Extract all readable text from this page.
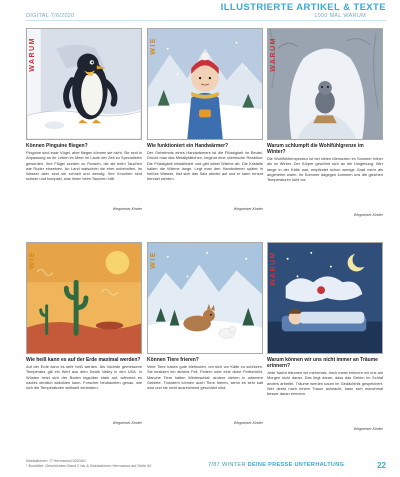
ILLUSTRIERTE ARTIKEL & TEXTE
DIGITAL 7/6/2020	1000 MAL WARUM
WARUM
Können Pinguine fliegen?
Pinguine sind zwar Vögel, aber fliegen können sie nicht. Sie sind in Anpassung an ihr Leben im Meer im Laufe der Zeit zu Spezialisten geworden. Ihre Flügel wurden zu Flossen, die sie beim Tauchen wie Ruder einsetzen. An Land watscheln sie eher unbeholfen, im Wasser aber sind sie schnell und wendig. Ihre Knochen sind schwer und kompakt, was ihnen beim Tauchen hilft.
Wegweiser-Kinder
WIE
Wie funktioniert ein Handwärmer?
Der Geheimnis eines Handwärmers ist die Flüssigkeit im Beutel. Drückt man das Metallplättchen, beginnt eine chemische Reaktion: Die Flüssigkeit kristallisiert und gibt dabei Wärme ab. Die Kristalle halten die Wärme lange. Legt man den Handwärmer später in heißes Wasser, löst sich das Salz wieder auf und er kann erneut benutzt werden.
Wegweiser-Kinder
WARUM
Warum schlumpft die Wohlfühlgrenze im Winter?
Die Wohlfühltemperatur ist bei vielen Menschen im Sommer höher als im Winter. Der Körper gewöhnt sich an die Umgebung. Wer lange in der Kälte war, empfindet schon wenige Grad mehr als angenehm warm. Im Sommer dagegen kommen uns die gleichen Temperaturen kühl vor.
Wegweiser-Kinder
WIE
Wie heiß kann es auf der Erde maximal werden?
Auf der Erde kann es sehr heiß werden. Als höchste gemessene Temperatur gilt ein Wert aus dem Death Valley in den USA. In Wüsten heizt sich der Boden tagsüber stark auf, während es nachts deutlich abkühlen kann. Forscher beobachten genau, wie sich die Temperaturen weltweit verändern.
Wegweiser-Kinder
WIE
Können Tiere frieren?
Viele Tiere haben gute Methoden, um sich vor Kälte zu schützen. Sie besitzen ein dichtes Fell, Federn oder eine dicke Fettschicht. Manche Tiere halten Winterschlaf, andere ziehen in wärmere Gebiete. Trotzdem können auch Tiere frieren, wenn es sehr kalt wird und sie nicht ausreichend geschützt sind.
Wegweiser-Kinder
WARUM
Warum können wir uns nicht immer an Träume erinnern?
Jede Nacht träumen wir mehrmals, doch meist erinnern wir uns am Morgen nicht daran. Das liegt daran, dass das Gehirn im Schlaf anders arbeitet. Träume werden kaum im Gedächtnis gespeichert. Wer direkt nach einem Traum aufwacht, kann sich manchmal besser daran erinnern.
Wegweiser-Kinder
Illustrationen: © Hermanus/1000AG
* Buchtitel: Geschichten Band 2 bis & Illustrationen Hermanus auf Seite 40	7/87 WINTER DEINE PRESSE UNTERHALTUNG	22
